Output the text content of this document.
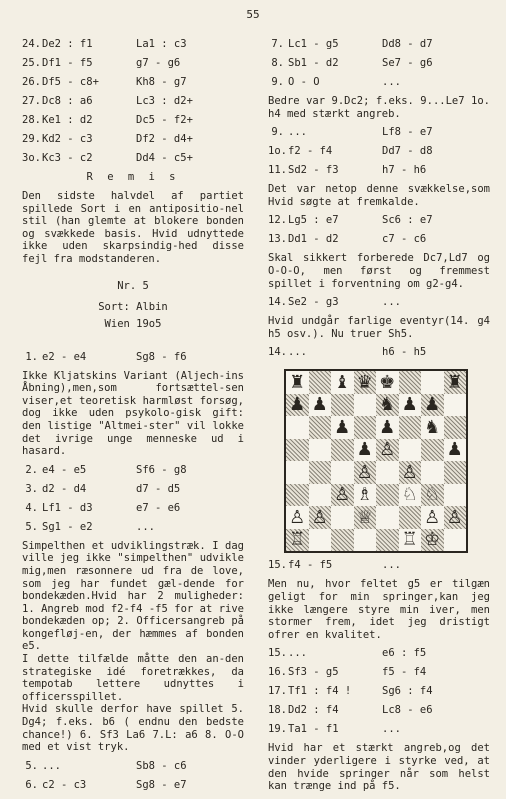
55
24. De2 : f1	La1 : c3
25. Df1 - f5	g7 - g6
26. Df5 - c8+	Kh8 - g7
27. Dc8 : a6	Lc3 : d2+
28. Ke1 : d2	Dc5 - f2+
29. Kd2 - c3	Df2 - d4+
3o. Kc3 - c2	Dd4 - c5+
R e m i s

Den sidste halvdel af partiet spillede Sort i en antipositio-nel stil (han glemte at blokere bonden og svækkede basis. Hvid udnyttede ikke uden skarpsindig-hed disse fejl fra modstanderen.

Nr. 5
Sort: Albin
Wien 19o5
1. e2 - e4	Sg8 - f6

Ikke Kljatskins Variant (Aljech-ins Åbning),men,som fortsættel-sen viser,et teoretisk harmløst forsøg, dog ikke uden psykolo-gisk gift: den listige "Altmei-ster" vil lokke det ivrige unge menneske ud i hasard.

2. e4 - e5	Sf6 - g8
3. d2 - d4	d7 - d5
4. Lf1 - d3	e7 - e6
5. Sg1 - e2	...

Simpelthen et udviklingstræk. I dag ville jeg ikke "simpelthen" udvikle mig,men ræsonnere ud fra de love, som jeg har fundet gæl-dende for bondekæden.Hvid har 2 muligheder: 1. Angreb mod f2-f4 -f5 for at rive bondekæden op; 2. Officersangreb på kongefløj-en, der hæmmes af bonden e5.

I dette tilfælde måtte den an-den strategiske idé foretrækkes, da tempotab lettere udnyttes i officersspillet.

Hvid skulle derfor have spillet 5. Dg4; f.eks. b6 ( endnu den bedste chance!) 6. Sf3 La6 7.L: a6 8. O-O med et vist tryk.

5. ...	Sb8 - c6
6. c2 - c3	Sg8 - e7
7. Lc1 - g5	Dd8 - d7
8. Sb1 - d2	Se7 - g6
9. O - O	...

Bedre var 9.Dc2; f.eks. 9...Le7 1o. h4 med stærkt angreb.

9. ...	Lf8 - e7
1o. f2 - f4	Dd7 - d8
11. Sd2 - f3	h7 - h6

Det var netop denne svækkelse,som Hvid søgte at fremkalde.

12. Lg5 : e7	Sc6 : e7
13. Dd1 - d2	c7 - c6

Skal sikkert forberede Dc7,Ld7 og O-O-O, men først og fremmest spillet i forventning om g2-g4.

14. Se2 - g3	...

Hvid undgår farlige eventyr(14. g4 h5 osv.). Nu truer Sh5.

14. ...	h6 - h5
♜ ♝ ♛ ♚	♜
♟ ♟	♞ ♟ ♟
♟ ♟ ♞
♟ ♙	♟
♙ ♙
♙ ♗ ♘ ♘
♙ ♙ ♕	♙ ♙
♖	♖ ♔
15. f4 - f5	...

Men nu, hvor feltet g5 er tilgæn geligt for min springer,kan jeg ikke længere styre min iver, men stormer frem, idet jeg dristigt ofrer en kvalitet.

15. ...	e6 : f5
16. Sf3 - g5	f5 - f4
17. Tf1 : f4 !	Sg6 : f4
18. Dd2 : f4	Lc8 - e6
19. Ta1 - f1	...

Hvid har et stærkt angreb,og det vinder yderligere i styrke ved, at den hvide springer når som helst kan trænge ind på f5.
